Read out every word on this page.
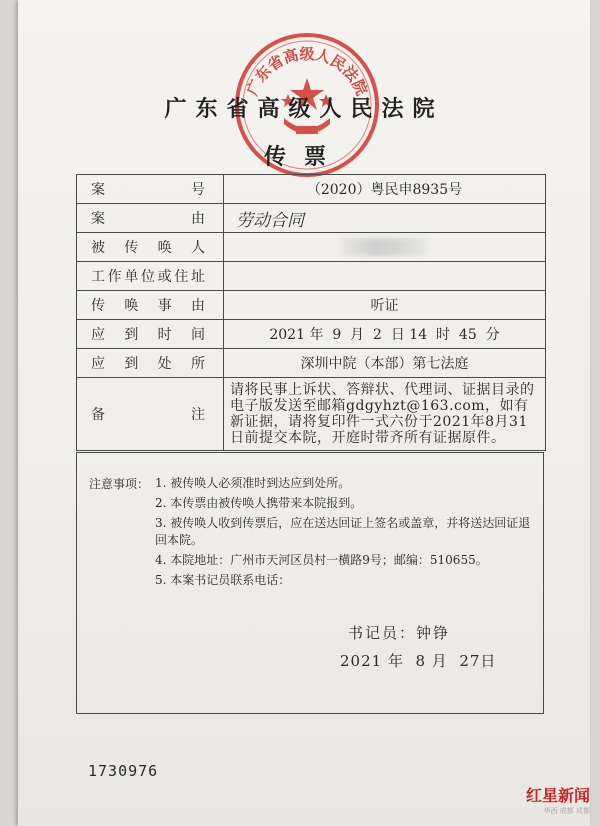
广东省高级人民法院
广东省高级人民法院
传票
案号	（2020）粤民申8935号
案由	劳动合同
被传唤人	
工作单位或住址	
传唤事由	听证
应到时间	2021 年  9  月  2  日 14  时  45  分
应到处所	深圳中院（本部）第七法庭
备注	请将民事上诉状、答辩状、代理词、证据目录的电子版发送至邮箱gdgyhzt@163.com，如有新证据，请将复印件一式六份于2021年8月31日前提交本院，开庭时带齐所有证据原件。
注意事项： 1. 被传唤人必须准时到达应到处所。
2. 本传票由被传唤人携带来本院报到。
3. 被传唤人收到传票后，应在送达回证上签名或盖章，并将送达回证退回本院。
4. 本院地址：广州市天河区员村一横路9号；邮编：510655。
5. 本案书记员联系电话：
书记员：钟铮
2021 年  8 月  27日
1730976
红星新闻
华西 成都 成都
